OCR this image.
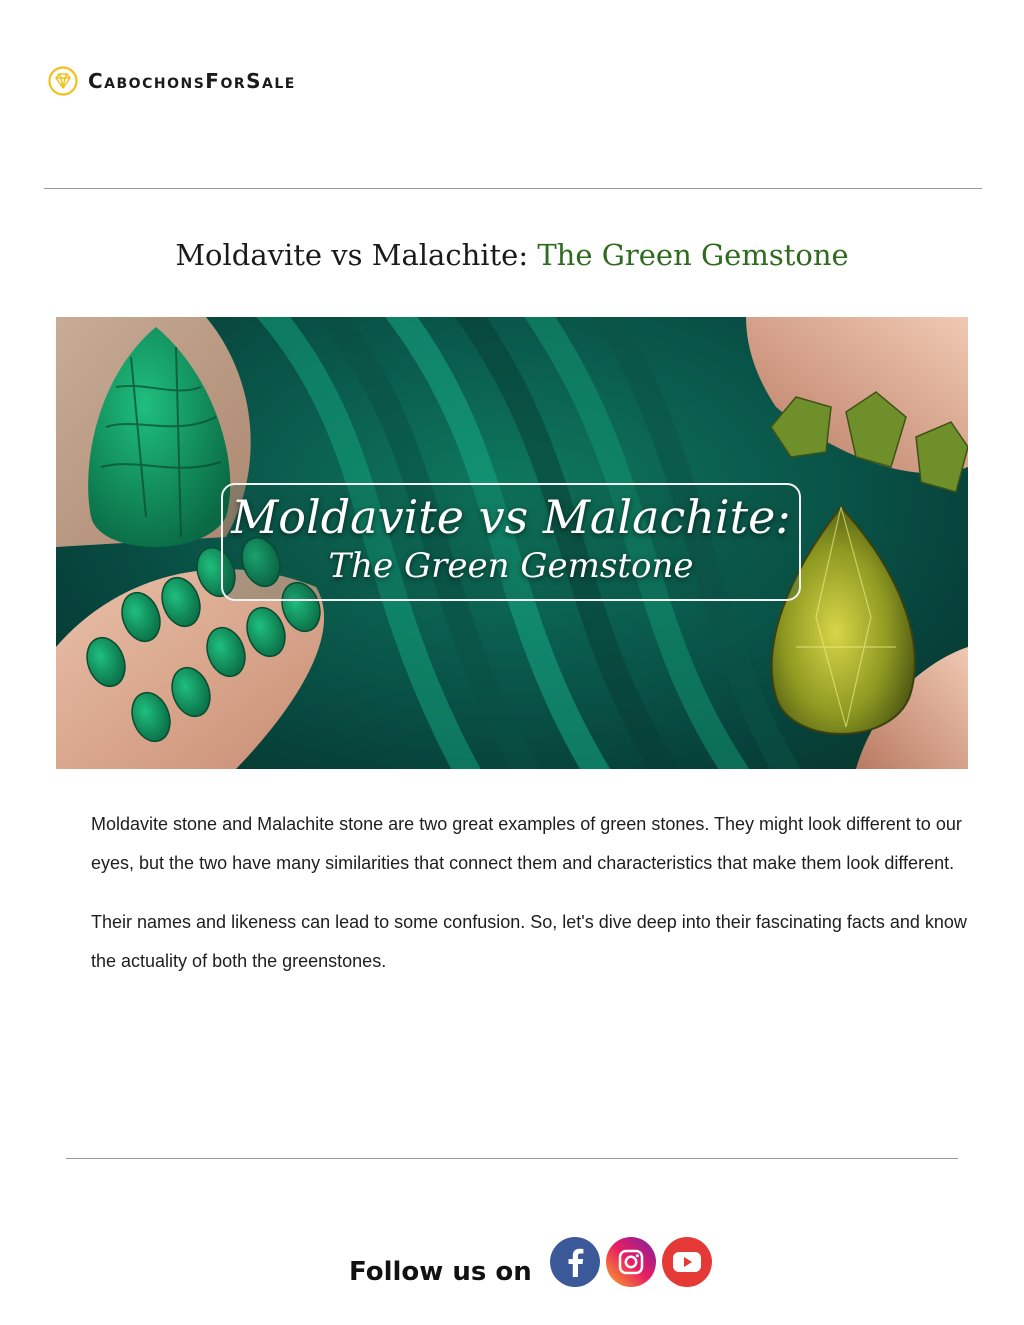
CabochonsForSale
Moldavite vs Malachite: The Green Gemstone
Moldavite vs Malachite:
The Green Gemstone

Moldavite stone and Malachite stone are two great examples of green stones. They might look different to our eyes, but the two have many similarities that connect them and characteristics that make them look different.

Their names and likeness can lead to some confusion. So, let's dive deep into their fascinating facts and know the actuality of both the greenstones.

Follow us on
